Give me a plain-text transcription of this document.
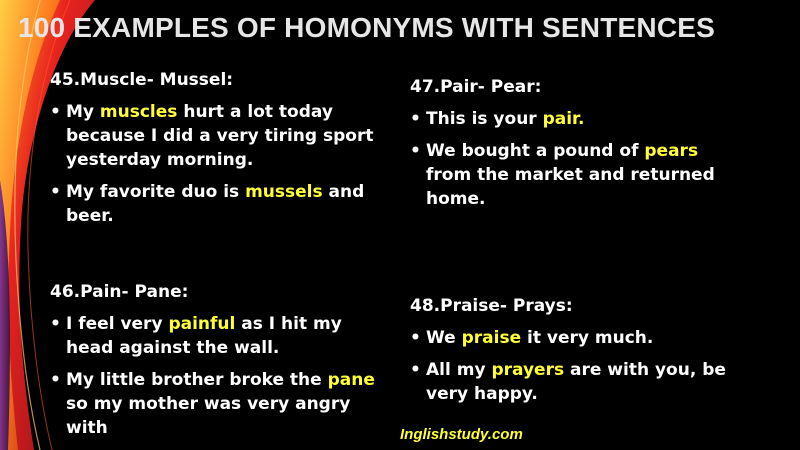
100 EXAMPLES OF HOMONYMS WITH SENTENCES
45.Muscle- Mussel:
• My muscles hurt a lot today because I did a very tiring sport yesterday morning.
• My favorite duo is mussels and beer.
46.Pain- Pane:
• I feel very painful as I hit my head against the wall.
• My little brother broke the pane so my mother was very angry with
47.Pair- Pear:
• This is your pair.
• We bought a pound of pears from the market and returned home.
48.Praise- Prays:
• We praise it very much.
• All my prayers are with you, be very happy.
Inglishstudy.com
